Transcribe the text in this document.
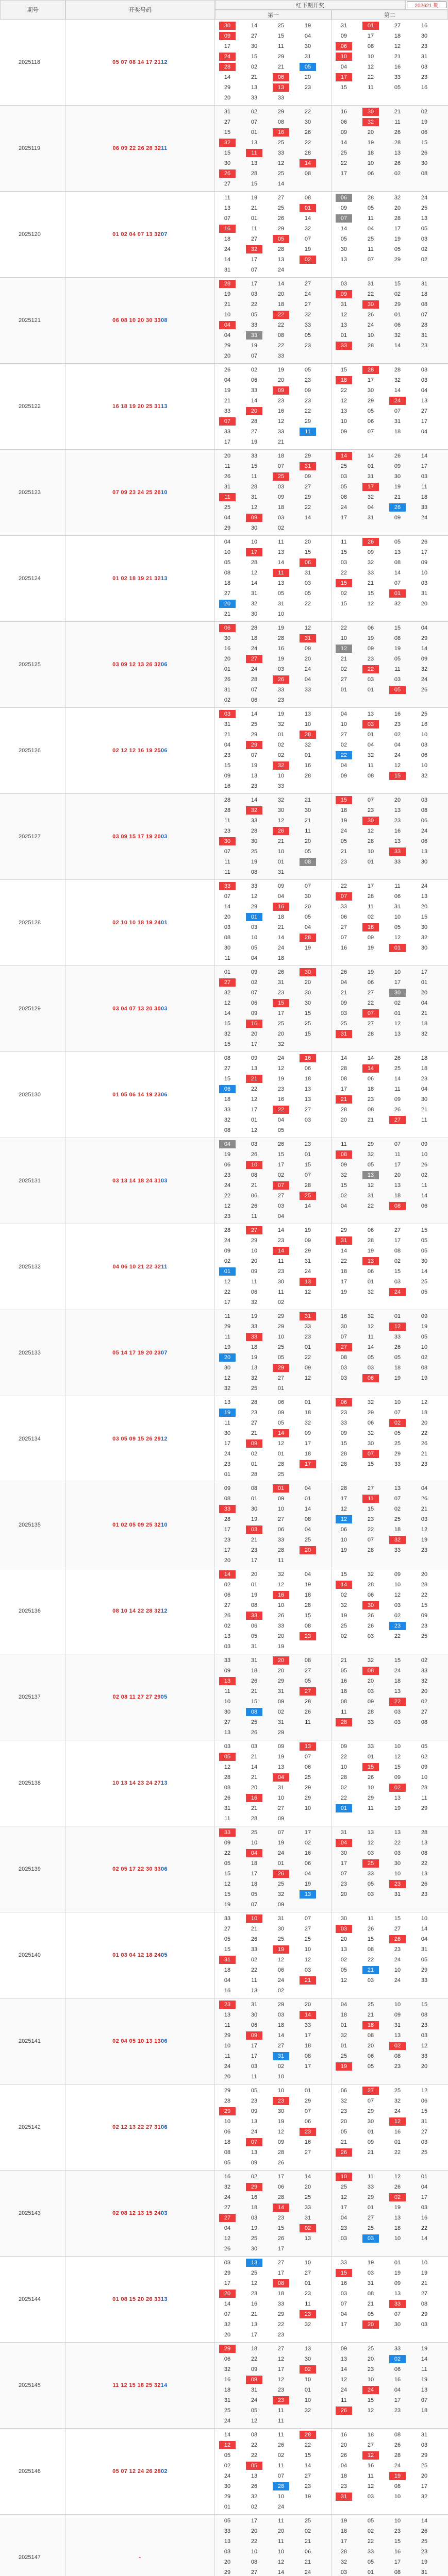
期号	开奖号码
红下期开奖	202621 期
第一	第二
2025118	05 07 08 14 17 21 12
30	14	25	19	31	01	27	16
09	27	15	04	09	17	18	30
17	30	11	30	06	08	12	23
24	15	29	31	10	10	21	31
28	02	21	05	04	12	16	03
14	21	06	20	17	22	33	23
29	13	13	23	15	11	05	16
20	33	33
2025119	06 09 22 26 28 32 11
31	02	29	22	16	30	21	02
27	07	08	30	06	32	11	19
15	01	16	26	09	20	26	06
32	13	25	22	14	19	28	15
15	11	33	28	25	18	13	26
30	13	12	14	22	10	26	30
26	28	25	08	17	06	02	08
27	15	14
2025120	01 02 04 07 13 32 07
11	19	27	08	06	28	32	24
13	21	25	01	09	05	20	25
07	01	26	14	07	11	28	13
16	11	29	32	14	04	17	05
18	27	05	07	05	25	19	03
24	32	28	19	30	11	05	02
14	17	13	02	13	07	29	02
31	07	24
2025121	06 08 10 20 30 33 08
28	17	14	27	03	31	15	31
19	03	20	24	09	22	02	18
21	22	18	27	31	30	29	08
10	05	22	32	12	26	01	07
04	33	22	33	13	24	06	28
04	33	08	05	01	10	32	31
29	19	22	23	33	28	14	23
20	07	33
2025122	16 18 19 20 25 31 13
26	02	19	05	15	28	28	03
04	06	20	23	18	17	32	03
19	33	09	09	22	30	14	04
21	14	23	23	12	29	24	13
33	20	16	22	13	05	07	27
07	28	12	29	10	06	31	17
33	27	33	11	09	07	18	04
17	19	21
2025123	07 09 23 24 25 26 10
20	33	18	29	14	14	26	14
11	15	07	31	25	01	09	17
26	11	25	09	03	31	30	03
31	28	03	27	05	17	19	11
11	31	09	29	08	32	21	18
25	12	18	22	24	04	26	33
04	09	03	14	17	31	09	24
29	30	02
2025124	01 02 18 19 21 32 13
04	10	11	20	11	26	05	26
10	17	13	15	15	09	13	17
05	28	14	06	03	32	08	09
08	12	11	31	22	33	14	10
18	14	13	03	15	21	07	03
27	31	05	05	02	15	01	31
20	32	31	22	15	12	32	20
21	30	10
2025125	03 09 12 13 26 32 06
06	28	19	12	22	06	15	04
30	18	28	31	10	19	08	29
16	24	16	09	12	09	19	14
20	27	19	20	21	23	05	09
01	24	03	24	02	22	11	32
26	28	26	04	27	03	03	24
31	07	33	33	01	01	05	26
02	06	23
2025126	02 12 12 16 19 25 06
03	14	19	13	04	13	16	25
31	25	32	10	10	03	23	16
21	29	01	28	27	01	02	10
04	29	02	32	02	04	04	03
23	07	02	01	22	32	24	06
15	19	32	16	04	11	12	10
09	13	10	28	09	08	15	32
16	23	33
2025127	03 09 15 17 19 20 03
28	14	32	21	15	07	20	03
28	32	30	30	18	23	13	08
11	33	12	21	19	30	23	06
23	28	26	11	24	12	16	24
30	30	21	20	05	28	13	06
07	25	10	05	21	10	33	13
11	19	01	08	23	01	33	30
11	08	31
2025128	02 10 10 18 19 24 01
33	33	09	07	22	17	11	24
07	12	04	30	07	28	06	13
14	29	16	20	33	11	31	20
20	01	18	05	06	02	10	15
03	03	21	04	27	16	05	30
08	10	14	28	07	09	12	32
30	05	24	19	16	19	01	30
11	04	18
2025129	03 04 07 13 20 30 03
01	09	26	30	26	19	10	17
27	02	31	20	04	06	17	01
32	07	23	30	21	27	30	20
12	06	15	30	09	22	02	04
14	09	17	15	03	07	01	21
15	16	25	25	25	27	12	18
32	20	20	15	31	28	13	32
15	17	32
2025130	01 05 06 14 19 23 06
08	09	24	16	14	14	26	18
27	13	12	06	28	14	25	18
15	21	19	18	08	06	14	23
06	22	23	13	17	18	11	04
18	12	16	13	21	23	09	30
33	17	22	27	28	08	26	21
32	01	04	03	20	21	27	11
08	12	05
2025131	03 13 14 18 24 31 03
04	03	26	23	11	29	07	09
19	26	15	01	08	32	11	10
06	10	17	15	09	05	17	26
23	08	02	07	32	13	20	02
24	21	07	28	15	12	13	11
22	06	27	25	02	31	18	14
12	26	03	14	04	22	08	06
23	11	04
2025132	04 06 10 21 22 32 11
28	27	14	19	29	06	27	15
24	29	23	09	31	28	17	05
09	10	14	29	14	19	08	05
02	20	11	31	22	13	02	30
01	09	23	24	18	06	15	14
12	11	30	13	17	01	03	25
22	06	11	12	19	32	24	05
17	32	02
2025133	05 14 17 19 20 23 07
11	19	29	31	16	32	01	09
29	33	29	33	30	12	12	19
11	33	10	23	07	11	33	05
19	18	25	01	27	14	26	10
20	19	05	22	08	05	05	02
30	13	29	09	03	03	18	08
12	32	27	12	03	06	19	19
32	25	01
2025134	03 05 09 15 26 29 12
13	28	06	01	06	32	10	12
19	23	09	18	23	29	07	18
11	27	05	32	33	06	02	20
30	21	14	09	09	32	05	22
17	09	12	17	15	30	25	26
24	02	01	18	28	07	29	21
23	01	28	17	28	15	33	23
01	28	25
2025135	01 02 05 09 25 32 10
09	08	01	04	28	27	13	04
08	01	09	01	17	11	07	26
33	30	10	14	12	15	02	21
28	19	27	08	12	23	25	03
17	03	06	04	06	22	18	12
23	21	33	25	10	07	32	19
17	23	28	20	19	28	33	23
20	17	11
2025136	08 10 14 22 28 32 12
14	20	32	04	15	32	09	20
02	01	12	19	14	28	10	28
06	19	16	18	02	06	12	22
27	08	10	28	32	30	03	15
26	33	26	15	19	26	02	09
02	06	33	08	25	26	23	23
13	05	20	23	02	03	22	25
03	31	19
2025137	02 08 11 27 27 29 05
33	31	20	08	21	32	15	02
09	18	20	27	05	08	24	33
13	26	29	05	16	20	18	32
11	21	31	27	18	03	13	20
10	15	09	28	08	09	22	02
30	08	02	26	11	28	03	27
27	25	31	11	28	33	03	08
13	26	29
2025138	10 13 14 23 24 27 13
03	03	09	13	09	33	10	05
05	21	19	07	22	01	12	02
12	14	13	06	10	15	15	09
28	21	04	25	28	26	09	10
08	20	31	29	02	10	02	28
26	16	10	29	22	29	13	11
31	21	27	10	01	11	19	29
11	28	09
2025139	02 05 17 22 30 33 06
33	25	07	17	31	13	13	28
09	10	19	02	04	12	22	13
22	04	24	16	30	03	03	08
05	18	01	06	17	25	30	22
15	17	26	04	07	33	10	13
12	18	25	19	23	05	23	26
15	05	32	13	20	03	31	23
19	07	09
2025140	01 03 04 12 18 24 05
33	10	31	07	30	11	15	10
27	21	30	27	03	26	27	14
05	26	25	25	20	15	26	04
15	33	19	10	13	08	23	31
31	02	12	12	02	22	24	05
18	22	06	03	05	21	10	29
04	11	24	21	12	03	24	33
16	13	02
2025141	02 04 05 10 13 13 06
23	31	29	20	04	25	10	15
13	30	03	14	18	21	09	08
11	06	18	33	01	18	31	23
29	09	14	17	32	08	13	03
10	17	27	18	01	20	02	12
11	17	31	08	25	06	08	33
24	03	02	17	19	05	23	20
20	11	10
2025142	02 12 13 22 27 31 06
29	05	10	01	06	27	25	12
28	23	23	29	32	07	32	06
29	09	30	07	23	29	24	15
10	13	19	06	20	30	12	31
06	24	12	23	05	01	16	27
18	07	09	16	21	09	01	03
08	13	28	27	26	21	22	25
05	09	26
2025143	02 08 12 13 15 24 03
16	02	17	14	10	11	12	01
32	29	06	20	25	33	26	04
24	16	28	25	12	29	02	17
27	18	14	33	17	01	19	03
27	03	23	31	04	27	13	16
04	19	15	02	23	25	18	22
12	25	26	13	03	03	10	14
26	30	17
2025144	01 08 15 20 26 33 13
03	13	27	10	33	19	01	10
29	25	17	27	15	03	19	19
17	12	08	01	16	31	09	21
20	23	18	23	03	08	13	27
14	16	33	11	07	21	33	08
07	21	29	23	04	05	07	29
32	13	22	32	17	20	30	03
20	17	23
2025145	11 12 15 18 25 32 14
29	18	27	13	09	25	33	19
06	22	12	30	13	20	02	14
32	09	17	02	14	23	06	11
16	09	12	10	12	10	16	19
18	31	23	01	24	24	04	13
31	24	23	10	11	15	17	07
25	05	11	32	26	12	23	18
24	12	11
2025146	05 07 12 24 26 28 02
14	08	11	28	16	18	08	31
12	22	26	22	20	27	26	03
05	22	02	15	26	12	28	29
02	05	11	14	04	16	24	25
24	13	07	27	18	11	19	20
30	26	28	23	23	12	08	17
29	32	10	19	31	03	10	32
01	02	24
2025147	-
05	17	11	25	19	05	10	14
33	20	20	02	18	02	23	26
13	22	11	21	17	22	15	25
03	10	10	06	28	33	16	23
20	08	12	21	32	05	17	19
29	27	14	24	03	01	08	31
